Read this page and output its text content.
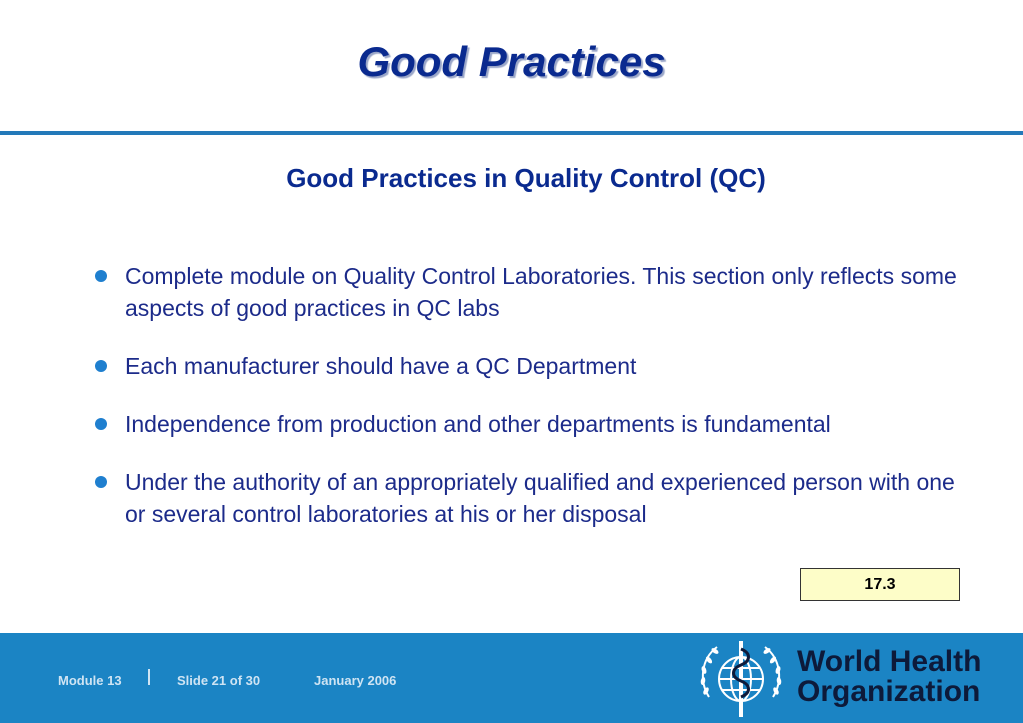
Good Practices
Good Practices in Quality Control (QC)
Complete module on Quality Control Laboratories. This section only reflects some aspects of good practices in QC labs
Each manufacturer should have a QC Department
Independence from production and other departments is fundamental
Under the authority of an appropriately qualified and experienced person with one or several control laboratories at his or her disposal
17.3
Module 13	Slide 21 of 30	January 2006
World Health
Organization
